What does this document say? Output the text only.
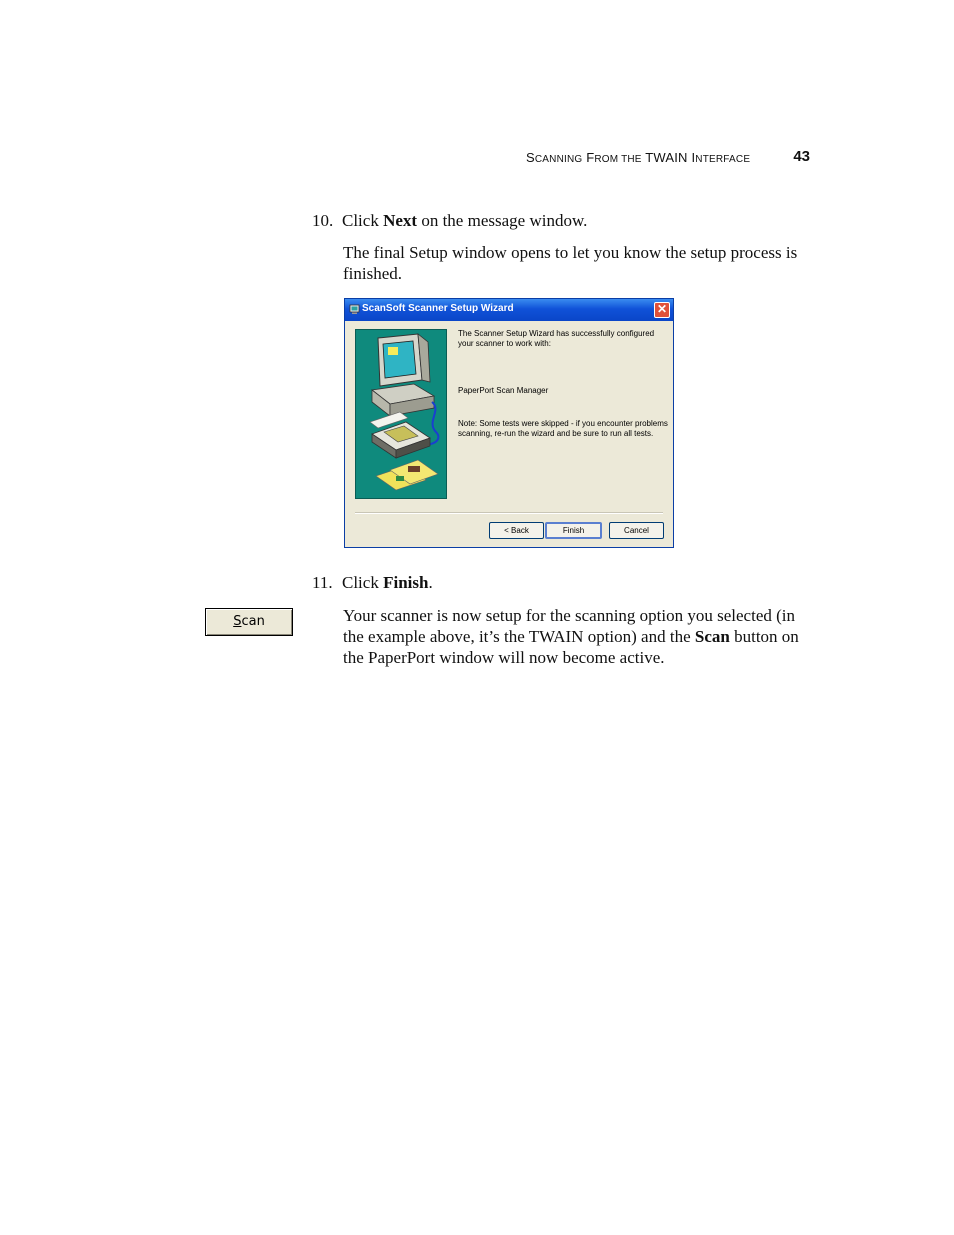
SCANNING FROM THE TWAIN INTERFACE	43
10. Click Next on the message window.
The final Setup window opens to let you know the setup process is finished.
ScanSoft Scanner Setup Wizard	✕
The Scanner Setup Wizard has successfully configured your scanner to work with:
PaperPort Scan Manager
Note: Some tests were skipped - if you encounter problems scanning, re-run the wizard and be sure to run all tests.
< Back	Finish	Cancel
11. Click Finish.
Scan	Your scanner is now setup for the scanning option you selected (in the example above, it’s the TWAIN option) and the Scan button on the PaperPort window will now become active.
